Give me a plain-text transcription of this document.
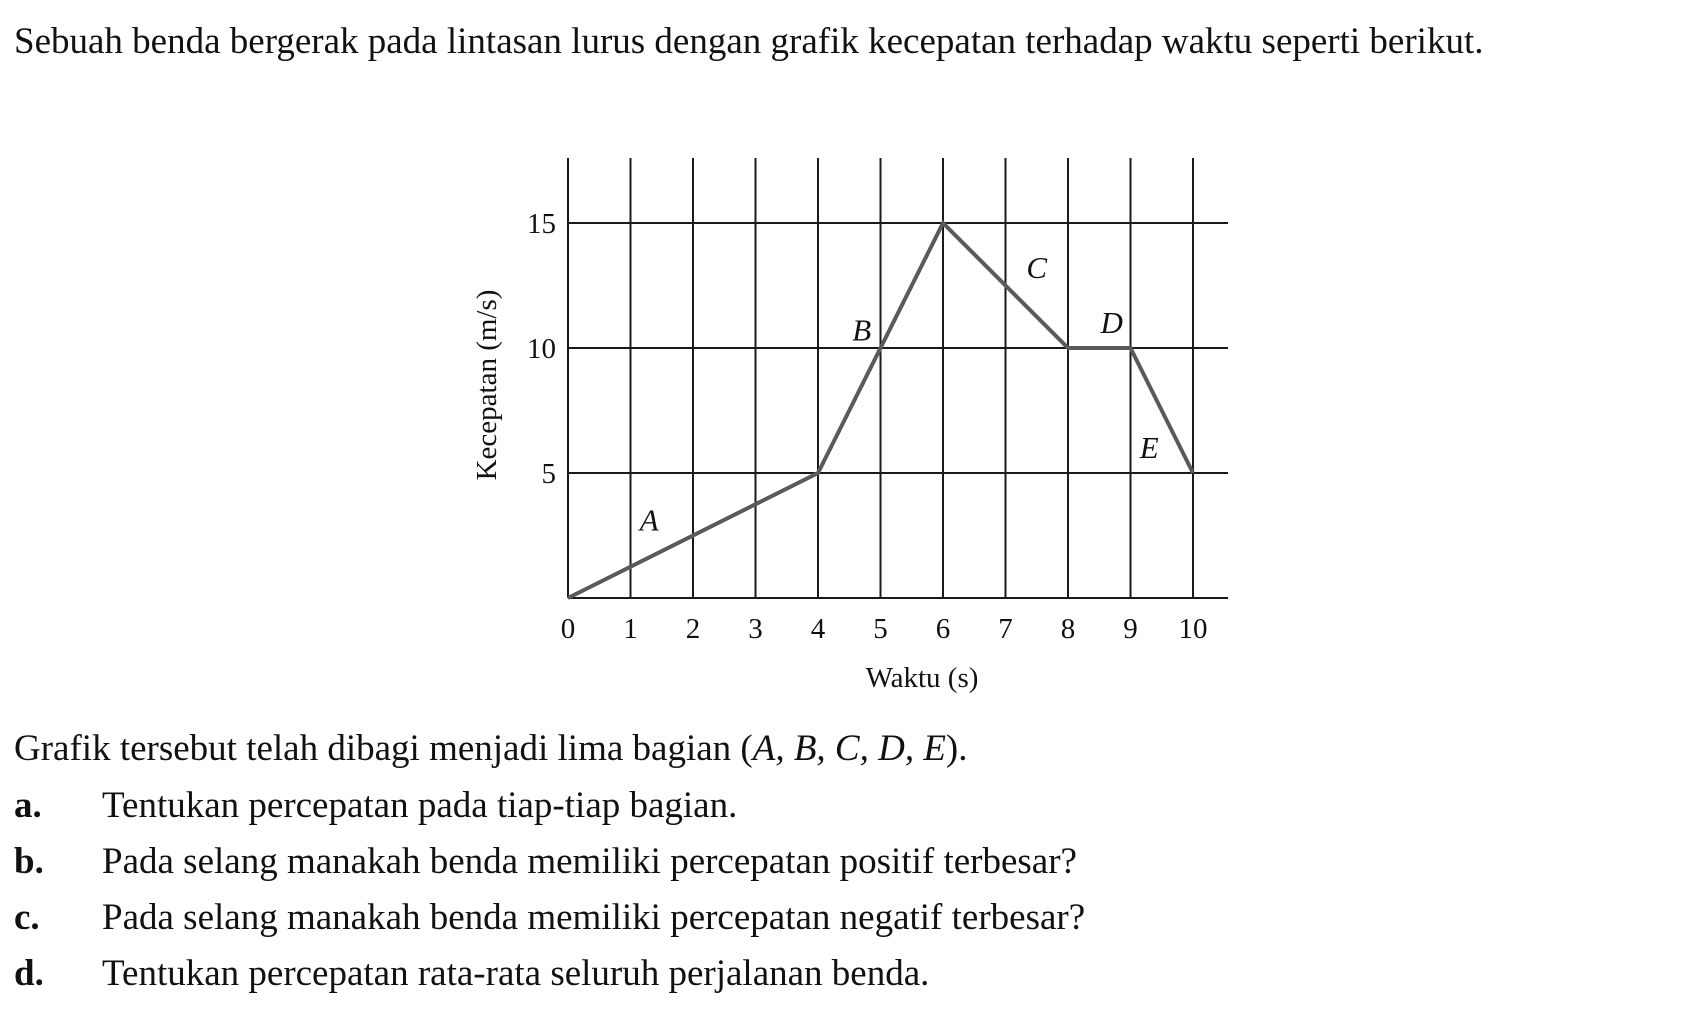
Sebuah benda bergerak pada lintasan lurus dengan grafik kecepatan terhadap waktu seperti berikut.

0 1 2 3 4 5 6 7 8 9 10
5
10
15
A
B
C
D
E
Waktu (s)
Kecepatan (m/s)
Grafik tersebut telah dibagi menjadi lima bagian (A, B, C, D, E).
a.	Tentukan percepatan pada tiap-tiap bagian.
b.	Pada selang manakah benda memiliki percepatan positif terbesar?
c.	Pada selang manakah benda memiliki percepatan negatif terbesar?
d.	Tentukan percepatan rata-rata seluruh perjalanan benda.
